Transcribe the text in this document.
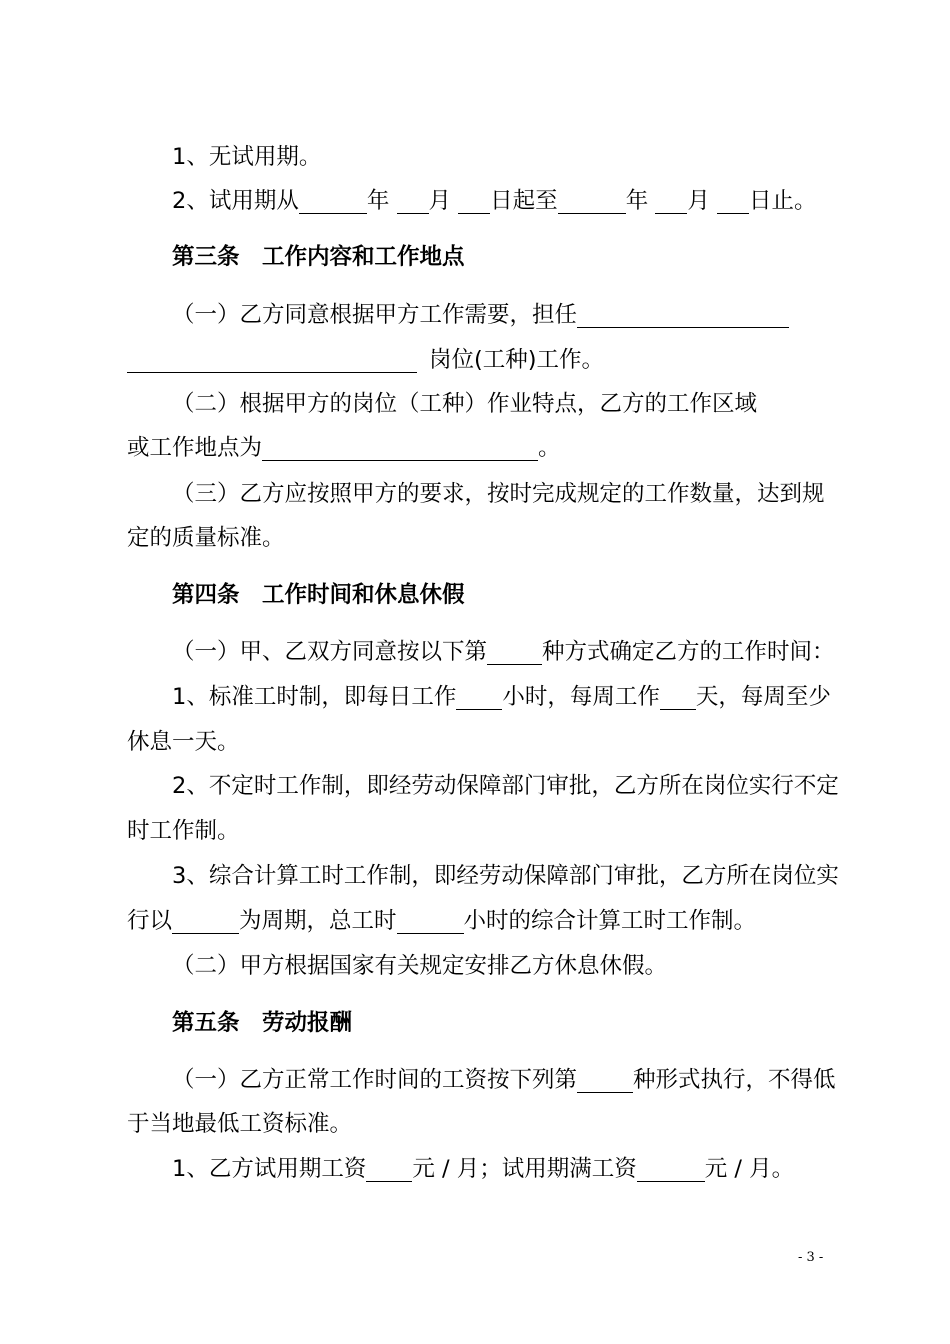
1、无试用期。
2、试用期从	年 月 日起至	年 月 日止。
第三条　工作内容和工作地点
（一）乙方同意根据甲方工作需要，担任
岗位(工种)工作。
（二）根据甲方的岗位（工种）作业特点，乙方的工作区域
或工作地点为	。
（三）乙方应按照甲方的要求，按时完成规定的工作数量，达到规
定的质量标准。
第四条　工作时间和休息休假
（一）甲、乙双方同意按以下第 种方式确定乙方的工作时间：
1、标准工时制，即每日工作 小时，每周工作 天，每周至少
休息一天。
2、不定时工作制，即经劳动保障部门审批，乙方所在岗位实行不定
时工作制。
3、综合计算工时工作制，即经劳动保障部门审批，乙方所在岗位实
行以	为周期，总工时	小时的综合计算工时工作制。
（二）甲方根据国家有关规定安排乙方休息休假。
第五条　劳动报酬
（一）乙方正常工作时间的工资按下列第 种形式执行，不得低
于当地最低工资标准。
1、乙方试用期工资 元 / 月；试用期满工资	元 / 月。
- 3 -
